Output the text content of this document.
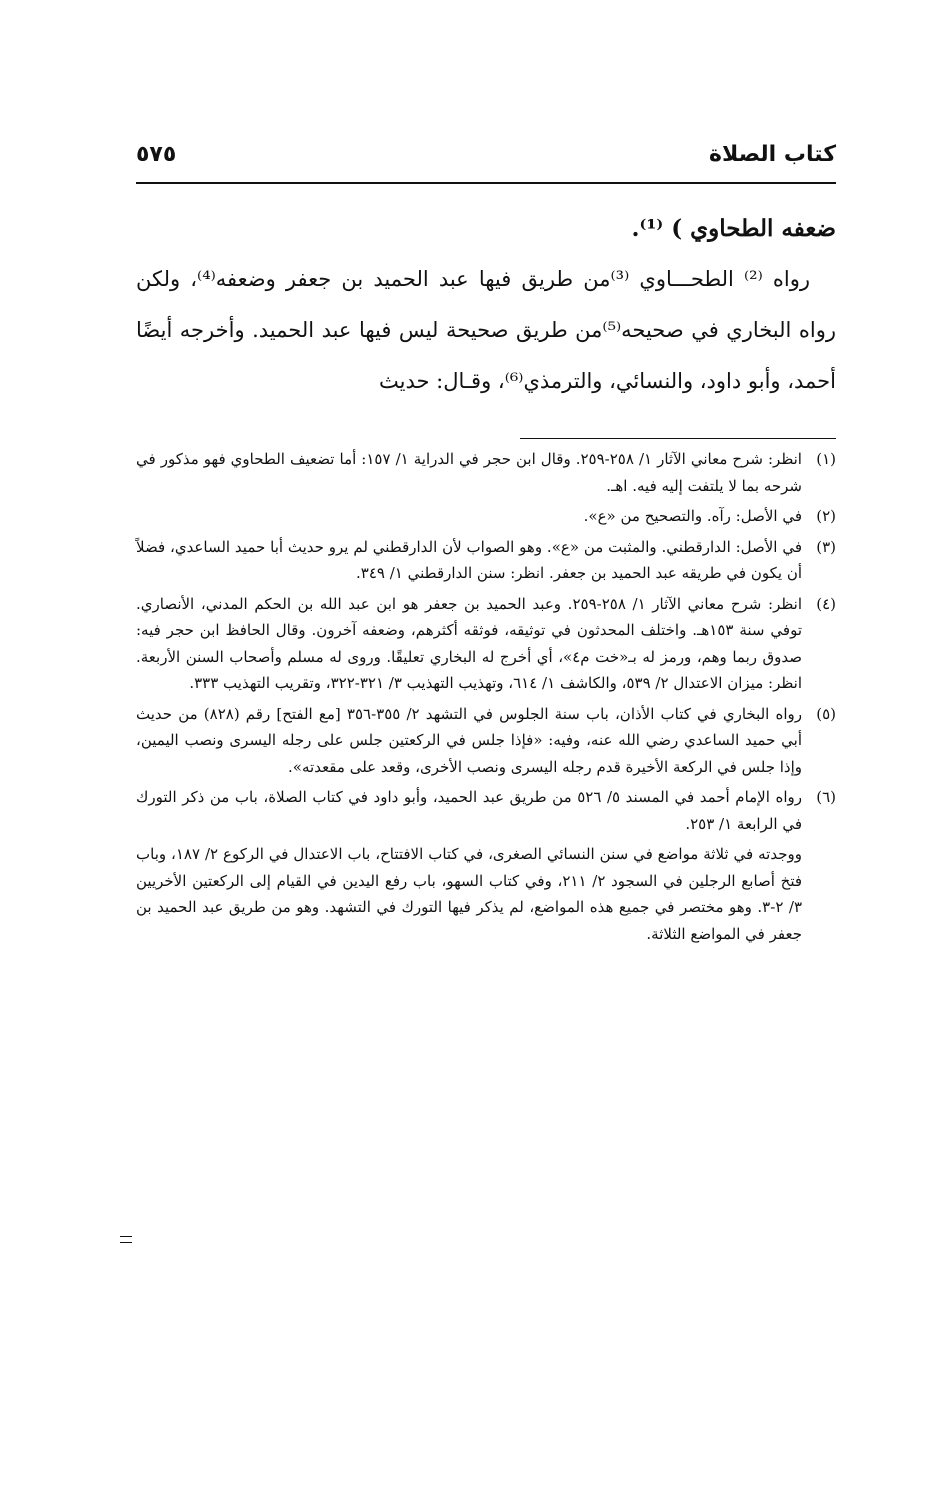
كتاب الصلاة
٥٧٥
ضعفه الطحاوي ) ⁽¹⁾.

رواه ⁽²⁾ الطحـــاوي ⁽³⁾من طريق فيها عبد الحميد بن جعفر وضعفه⁽⁴⁾، ولكن رواه البخاري في صحيحه⁽⁵⁾من طريق صحيحة ليس فيها عبد الحميد. وأخرجه أيضًا أحمد، وأبو داود، والنسائي، والترمذي⁽⁶⁾، وقـال: حديث

(١)
انظر: شرح معاني الآثار ١/ ٢٥٨-٢٥٩. وقال ابن حجر في الدراية ١/ ١٥٧: أما تضعيف الطحاوي فهو مذكور في شرحه بما لا يلتفت إليه فيه. اهـ.
(٢)
في الأصل: رآه. والتصحيح من «ع».
(٣)
في الأصل: الدارقطني. والمثبت من «ع». وهو الصواب لأن الدارقطني لم يرو حديث أبا حميد الساعدي، فضلاً أن يكون في طريقه عبد الحميد بن جعفر. انظر: سنن الدارقطني ١/ ٣٤٩.
(٤)
انظر: شرح معاني الآثار ١/ ٢٥٨-٢٥٩. وعبد الحميد بن جعفر هو ابن عبد الله بن الحكم المدني، الأنصاري. توفي سنة ١٥٣هـ. واختلف المحدثون في توثيقه، فوثقه أكثرهم، وضعفه آخرون. وقال الحافظ ابن حجر فيه: صدوق ربما وهم، ورمز له بـ«خت م٤»، أي أخرج له البخاري تعليقًا. وروى له مسلم وأصحاب السنن الأربعة. انظر: ميزان الاعتدال ٢/ ٥٣٩، والكاشف ١/ ٦١٤، وتهذيب التهذيب ٣/ ٣٢١-٣٢٢، وتقريب التهذيب ٣٣٣.
(٥)
رواه البخاري في كتاب الأذان، باب سنة الجلوس في التشهد ٢/ ٣٥٥-٣٥٦ [مع الفتح] رقم (٨٢٨) من حديث أبي حميد الساعدي رضي الله عنه، وفيه: «فإذا جلس في الركعتين جلس على رجله اليسرى ونصب اليمين، وإذا جلس في الركعة الأخيرة قدم رجله اليسرى ونصب الأخرى، وقعد على مقعدته».
(٦)
رواه الإمام أحمد في المسند ٥/ ٥٢٦ من طريق عبد الحميد، وأبو داود في كتاب الصلاة، باب من ذكر التورك في الرابعة ١/ ٢٥٣.
ووجدته في ثلاثة مواضع في سنن النسائي الصغرى، في كتاب الافتتاح، باب الاعتدال في الركوع ٢/ ١٨٧، وباب فتخ أصابع الرجلين في السجود ٢/ ٢١١، وفي كتاب السهو، باب رفع اليدين في القيام إلى الركعتين الأخريين ٣/ ٢-٣. وهو مختصر في جميع هذه المواضع، لم يذكر فيها التورك في التشهد. وهو من طريق عبد الحميد بن جعفر في المواضع الثلاثة.
